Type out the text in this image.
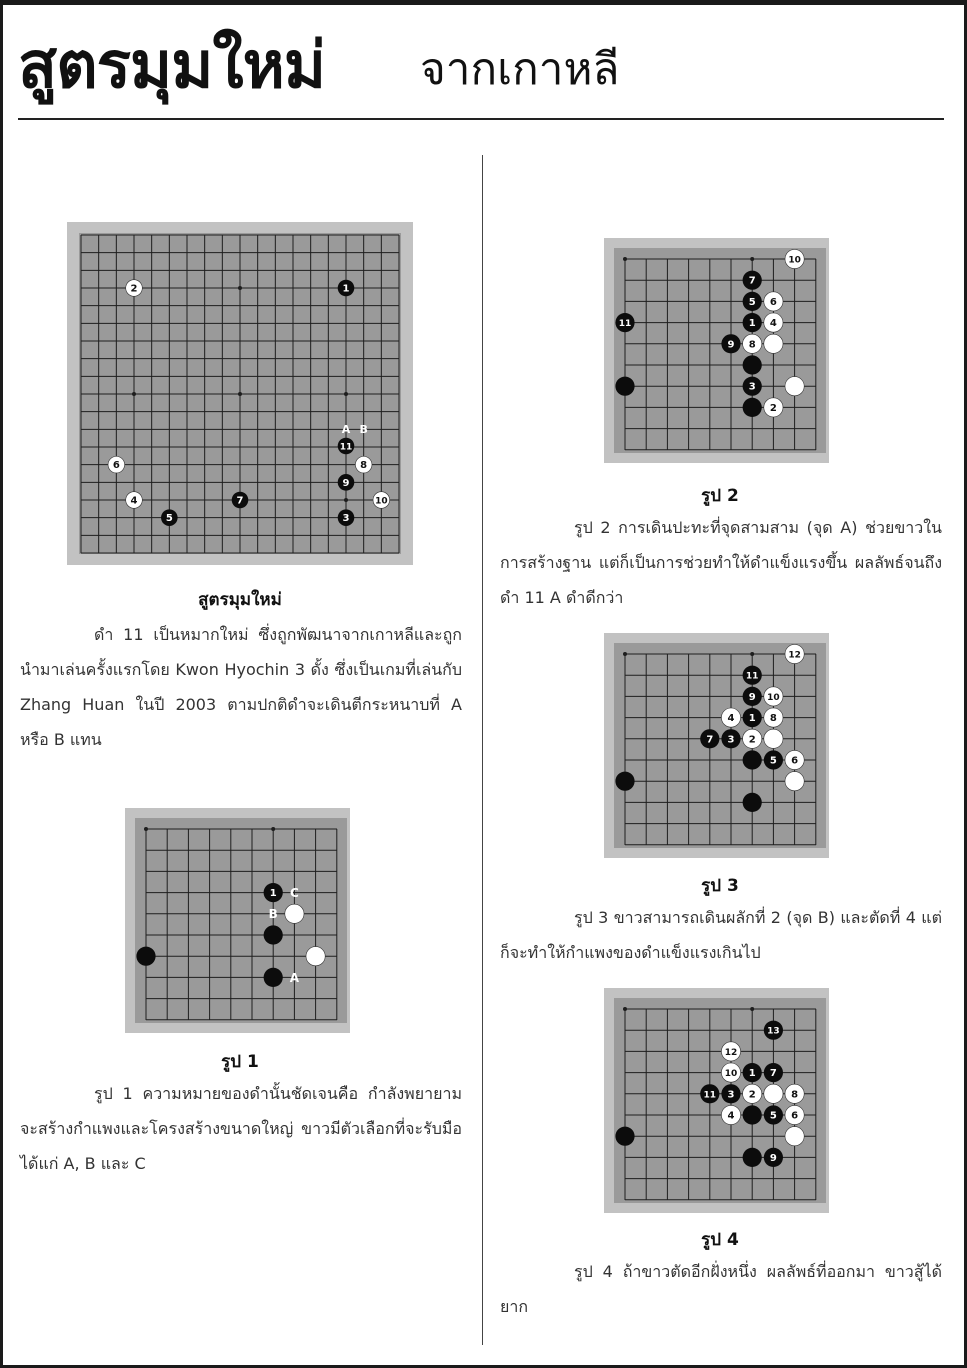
สูตรมุมใหม่ จากเกาหลี
2	1
11
6	8
9
4	7	10
5	3
A B
สูตรมุมใหม่
ดำ 11 เป็นหมากใหม่ ซึ่งถูกพัฒนาจากเกาหลีและถูกนำมาเล่นครั้งแรกโดย Kwon Hyochin 3 ดั้ง ซึ่งเป็นเกมที่เล่นกับ Zhang Huan ในปี 2003 ตามปกติดำจะเดินตีกระหนาบที่ A หรือ B แทน
1 C
B
A
รูป 1
รูป 1 ความหมายของดำนั้นชัดเจนคือ กำลังพยายามจะสร้างกำแพงและโครงสร้างขนาดใหญ่ ขาวมีตัวเลือกที่จะรับมือได้แก่ A, B และ C
10
7
5 6
11	1 4
9 8
3
2
รูป 2
รูป 2 การเดินปะทะที่จุดสามสาม (จุด A) ช่วยขาวในการสร้างฐาน แต่ก็เป็นการช่วยทำให้ดำแข็งแรงขึ้น ผลลัพธ์จนถึงดำ 11 A ดำดีกว่า
12
11
9 10
4 1 8
7 3 2
5 6
รูป 3
รูป 3 ขาวสามารถเดินผลักที่ 2 (จุด B) และตัดที่ 4 แต่ก็จะทำให้กำแพงของดำแข็งแรงเกินไป
13
12
10 1 7
11 3 2	8
4	5 6
9
รูป 4
รูป 4 ถ้าขาวตัดอีกฝั่งหนึ่ง ผลลัพธ์ที่ออกมา ขาวสู้ได้ยาก
